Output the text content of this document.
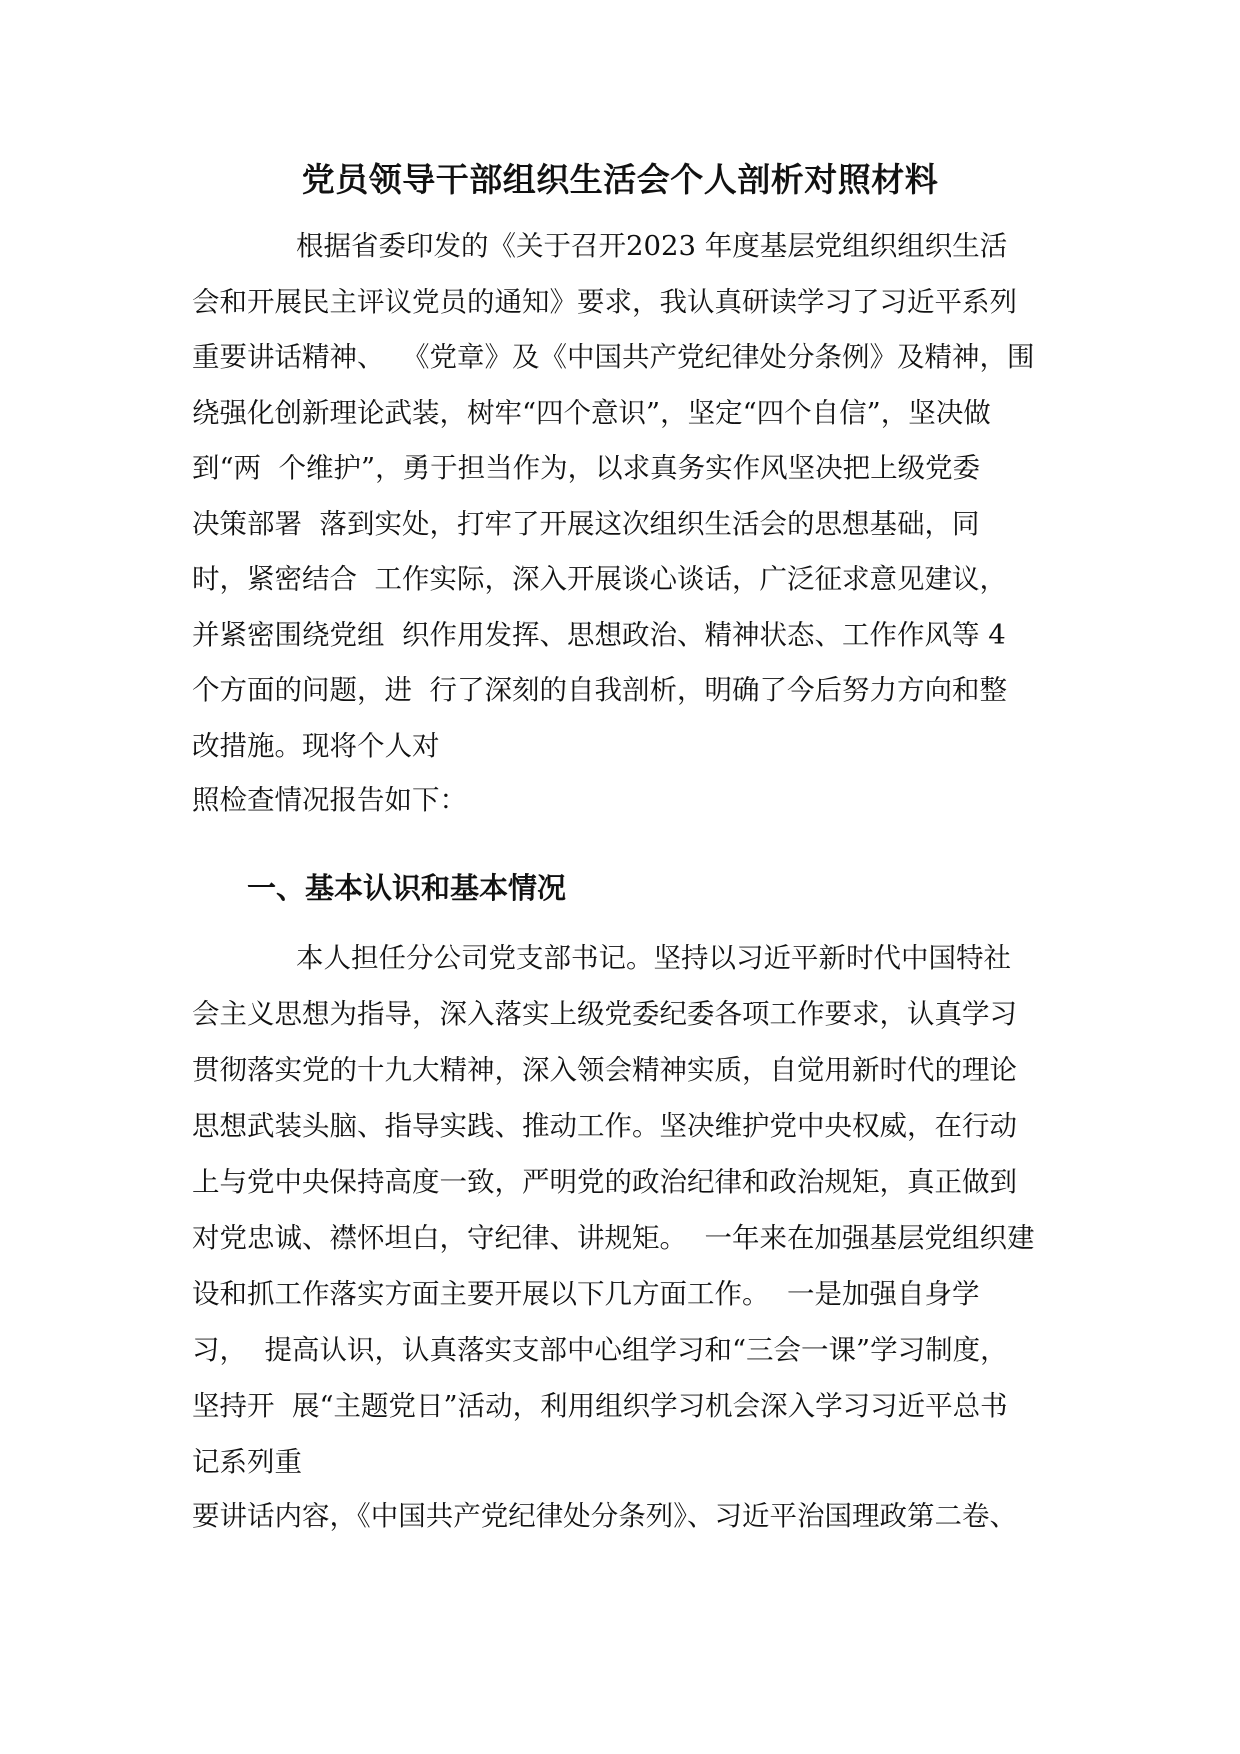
党员领导干部组织生活会个人剖析对照材料
根据省委印发的《关于召开2023 年度基层党组织组织生活
会和开展民主评议党员的通知》要求，我认真研读学习了习近平系列
重要讲话精神、  《党章》及《中国共产党纪律处分条例》及精神，围
绕强化创新理论武装，树牢“四个意识”，坚定“四个自信”，坚决做
到“两  个维护”，勇于担当作为，以求真务实作风坚决把上级党委
决策部署  落到实处，打牢了开展这次组织生活会的思想基础，同
时，紧密结合  工作实际，深入开展谈心谈话，广泛征求意见建议，
并紧密围绕党组  织作用发挥、思想政治、精神状态、工作作风等 4
个方面的问题，进  行了深刻的自我剖析，明确了今后努力方向和整
改措施。现将个人对
照检查情况报告如下：
一、基本认识和基本情况
本人担任分公司党支部书记。坚持以习近平新时代中国特社
会主义思想为指导，深入落实上级党委纪委各项工作要求，认真学习
贯彻落实党的十九大精神，深入领会精神实质，自觉用新时代的理论
思想武装头脑、指导实践、推动工作。坚决维护党中央权威，在行动
上与党中央保持高度一致，严明党的政治纪律和政治规矩，真正做到
对党忠诚、襟怀坦白，守纪律、讲规矩。  一年来在加强基层党组织建
设和抓工作落实方面主要开展以下几方面工作。  一是加强自身学
习，  提高认识，认真落实支部中心组学习和“三会一课”学习制度，
坚持开  展“主题党日”活动，利用组织学习机会深入学习习近平总书
记系列重
要讲话内容，《中国共产党纪律处分条列》、习近平治国理政第二卷、
